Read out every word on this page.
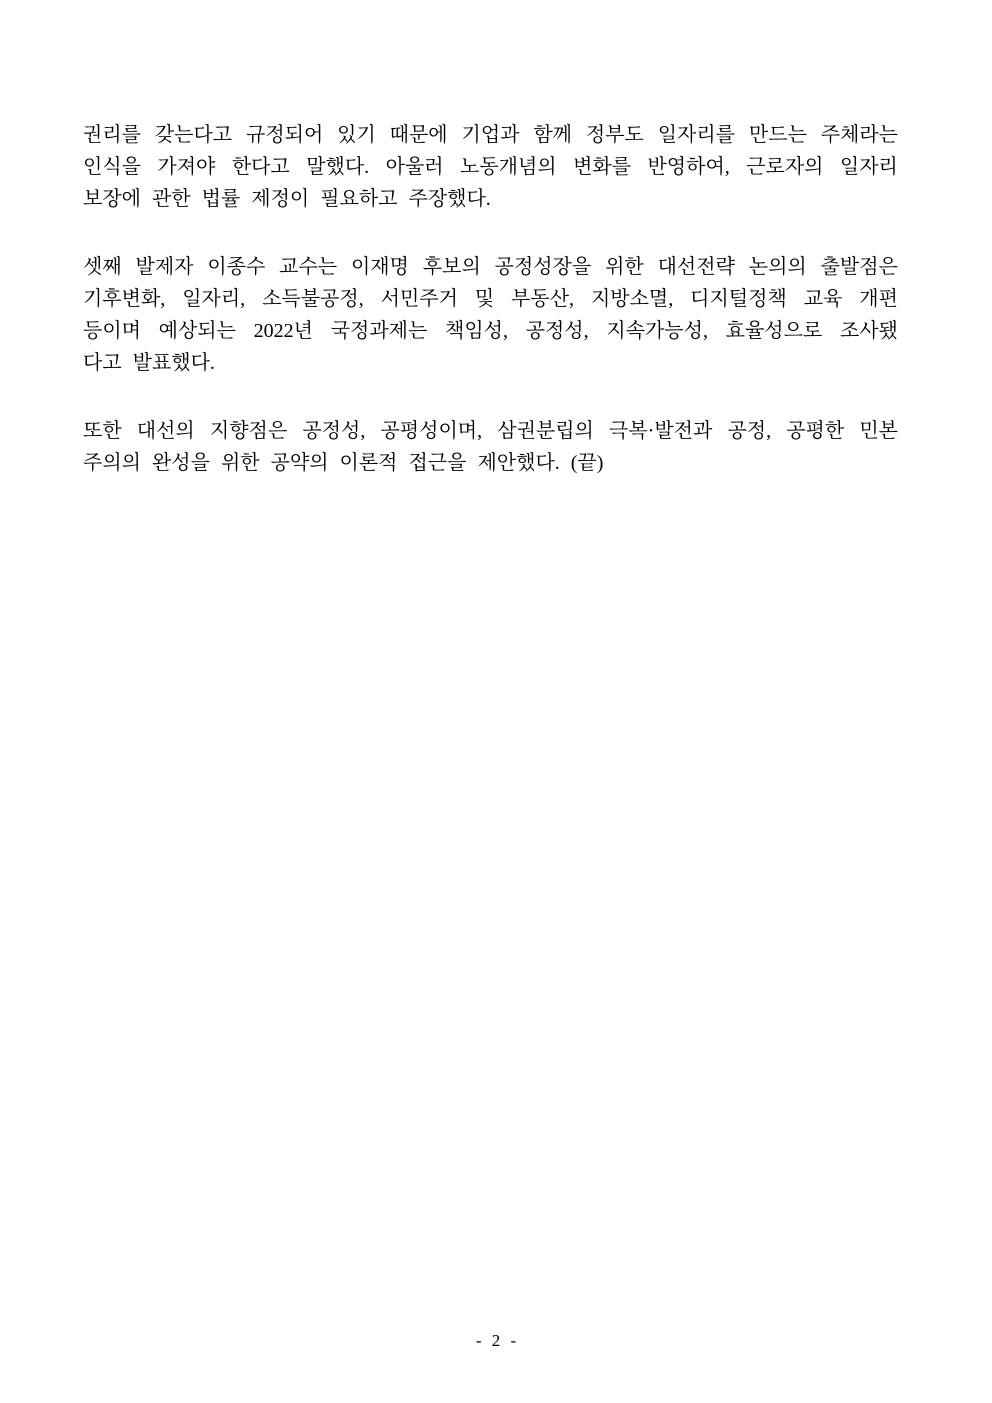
권리를 갖는다고 규정되어 있기 때문에 기업과 함께 정부도 일자리를 만드는 주체라는
인식을 가져야 한다고 말했다. 아울러 노동개념의 변화를 반영하여, 근로자의 일자리
보장에 관한 법률 제정이 필요하고 주장했다.
셋째 발제자 이종수 교수는 이재명 후보의 공정성장을 위한 대선전략 논의의 출발점은
기후변화, 일자리, 소득불공정, 서민주거 및 부동산, 지방소멸, 디지털정책 교육 개편
등이며 예상되는 2022년 국정과제는 책임성, 공정성, 지속가능성, 효율성으로 조사됐
다고 발표했다.
또한 대선의 지향점은 공정성, 공평성이며, 삼권분립의 극복·발전과 공정, 공평한 민본
주의의 완성을 위한 공약의 이론적 접근을 제안했다. (끝)
- 2 -
